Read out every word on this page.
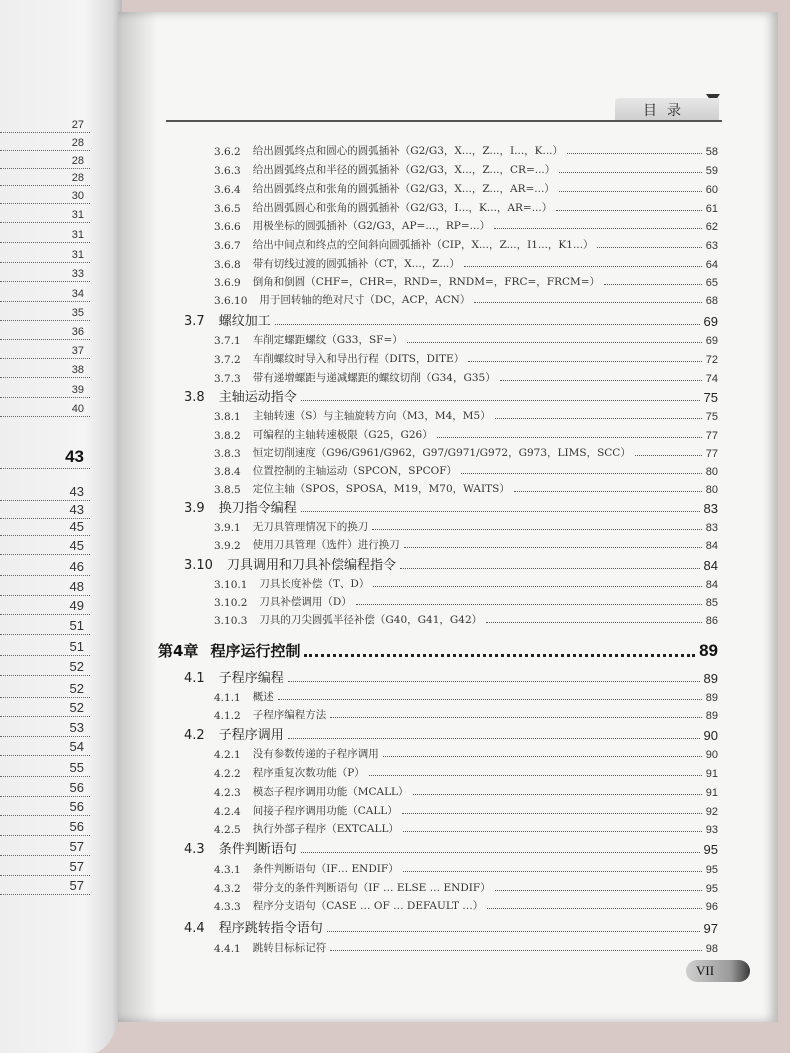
27
28
28
28
30
31
31
31
33
34
35
36
37
38
39
40
43
43
43
45
45
46
48
49
51
51
52
52
52
53
54
55
56
56
56
57
57
57
目录
3.6.2	给出圆弧终点和圆心的圆弧插补（G2/G3，X...，Z...，I...，K...）	58
3.6.3	给出圆弧终点和半径的圆弧插补（G2/G3，X...，Z...，CR=...）	59
3.6.4	给出圆弧终点和张角的圆弧插补（G2/G3，X...，Z...，AR=...）	60
3.6.5	给出圆弧圆心和张角的圆弧插补（G2/G3，I...，K...，AR=...）	61
3.6.6	用极坐标的圆弧插补（G2/G3，AP=...，RP=...）	62
3.6.7	给出中间点和终点的空间斜向圆弧插补（CIP，X...，Z...，I1...，K1...）	63
3.6.8	带有切线过渡的圆弧插补（CT，X...，Z...）	64
3.6.9	倒角和倒圆（CHF=，CHR=，RND=，RNDM=，FRC=，FRCM=）	65
3.6.10	用于回转轴的绝对尺寸（DC，ACP，ACN）	68
3.7	螺纹加工	69
3.7.1	车削定螺距螺纹（G33，SF=）	69
3.7.2	车削螺纹时导入和导出行程（DITS，DITE）	72
3.7.3	带有递增螺距与递减螺距的螺纹切削（G34，G35）	74
3.8	主轴运动指令	75
3.8.1	主轴转速（S）与主轴旋转方向（M3，M4，M5）	75
3.8.2	可编程的主轴转速极限（G25，G26）	77
3.8.3	恒定切削速度（G96/G961/G962，G97/G971/G972，G973，LIMS，SCC）	77
3.8.4	位置控制的主轴运动（SPCON，SPCOF）	80
3.8.5	定位主轴（SPOS，SPOSA，M19，M70，WAITS）	80
3.9	换刀指令编程	83
3.9.1	无刀具管理情况下的换刀	83
3.9.2	使用刀具管理（选件）进行换刀	84
3.10	刀具调用和刀具补偿编程指令	84
3.10.1	刀具长度补偿（T、D）	84
3.10.2	刀具补偿调用（D）	85
3.10.3	刀具的刀尖圆弧半径补偿（G40，G41，G42）	86
第4章 程序运行控制	89
4.1	子程序编程	89
4.1.1	概述	89
4.1.2	子程序编程方法	89
4.2	子程序调用	90
4.2.1	没有参数传递的子程序调用	90
4.2.2	程序重复次数功能（P）	91
4.2.3	模态子程序调用功能（MCALL）	91
4.2.4	间接子程序调用功能（CALL）	92
4.2.5	执行外部子程序（EXTCALL）	93
4.3	条件判断语句	95
4.3.1	条件判断语句（IF… ENDIF）	95
4.3.2	带分支的条件判断语句（IF … ELSE … ENDIF）	95
4.3.3	程序分支语句（CASE … OF … DEFAULT …）	96
4.4	程序跳转指令语句	97
4.4.1	跳转目标标记符	98
VII
